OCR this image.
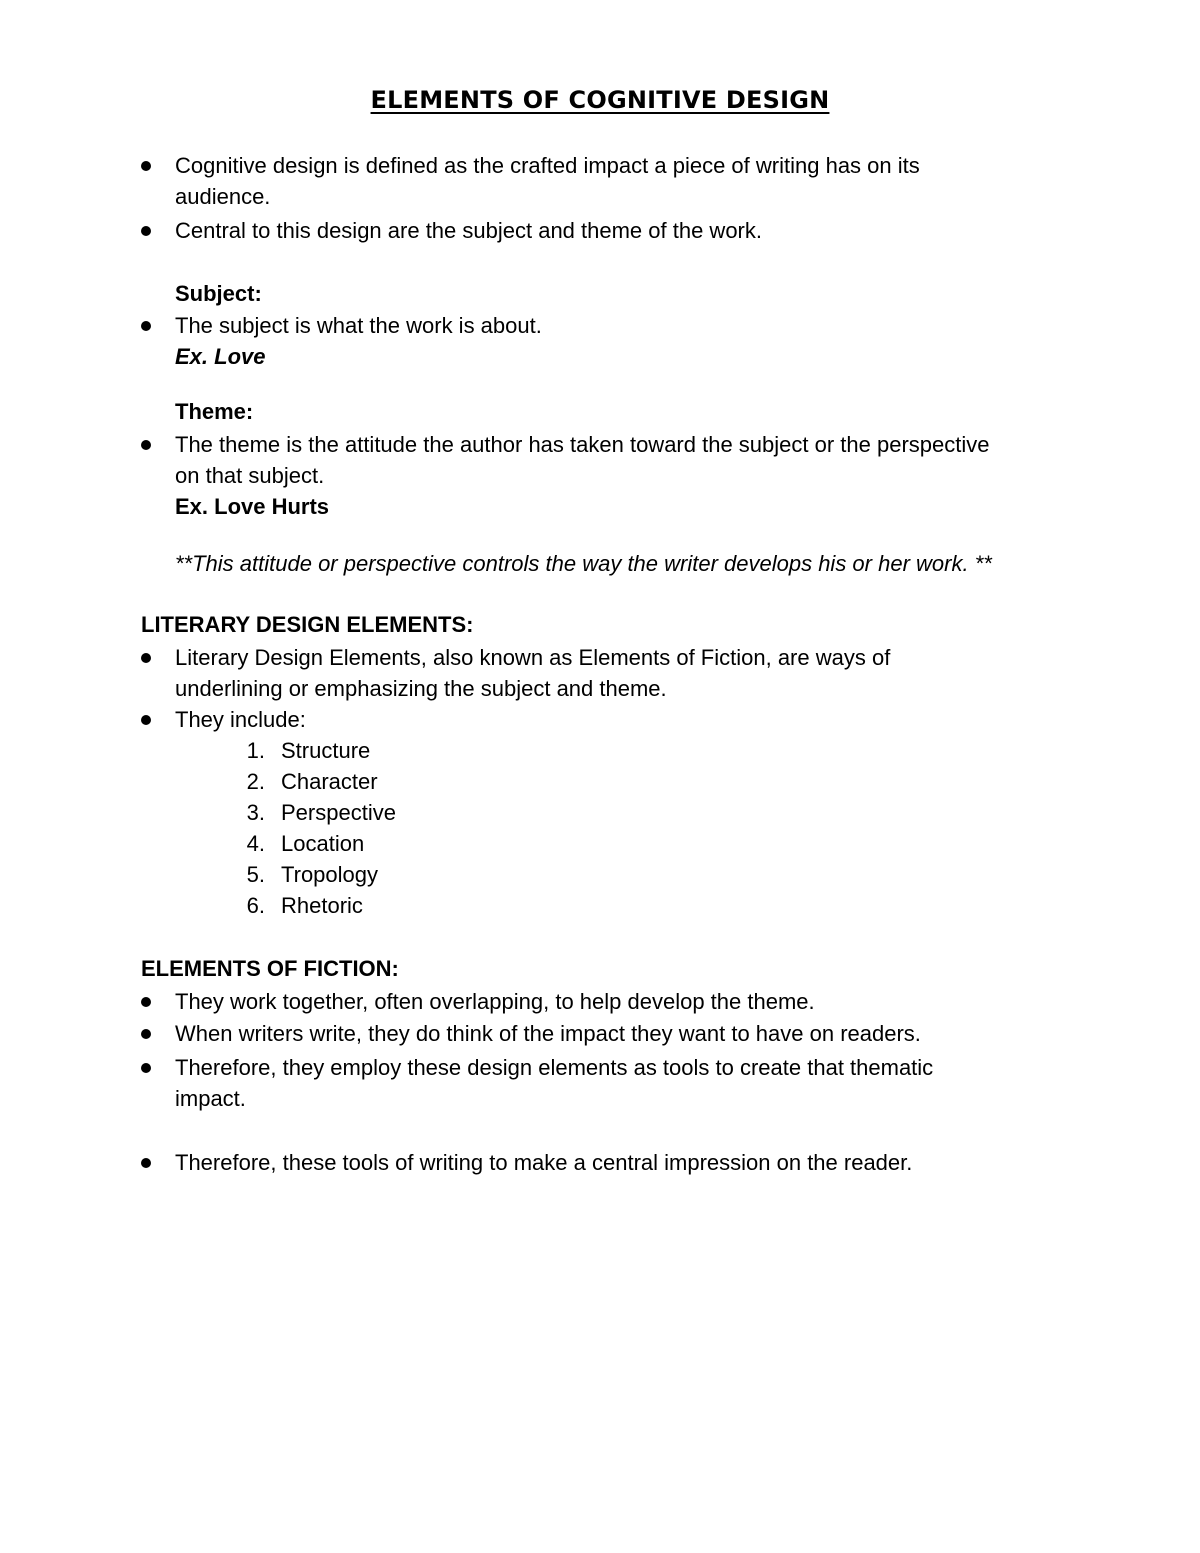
ELEMENTS OF COGNITIVE DESIGN
Cognitive design is defined as the crafted impact a piece of writing has on its
audience.
Central to this design are the subject and theme of the work.
Subject:
The subject is what the work is about.
Ex. Love
Theme:
The theme is the attitude the author has taken toward the subject or the perspective
on that subject.
Ex. Love Hurts
**This attitude or perspective controls the way the writer develops his or her work. **
LITERARY DESIGN ELEMENTS:
Literary Design Elements, also known as Elements of Fiction, are ways of
underlining or emphasizing the subject and theme.
They include:
1. Structure
2. Character
3. Perspective
4. Location
5. Tropology
6. Rhetoric
ELEMENTS OF FICTION:
They work together, often overlapping, to help develop the theme.
When writers write, they do think of the impact they want to have on readers.
Therefore, they employ these design elements as tools to create that thematic
impact.
Therefore, these tools of writing to make a central impression on the reader.
